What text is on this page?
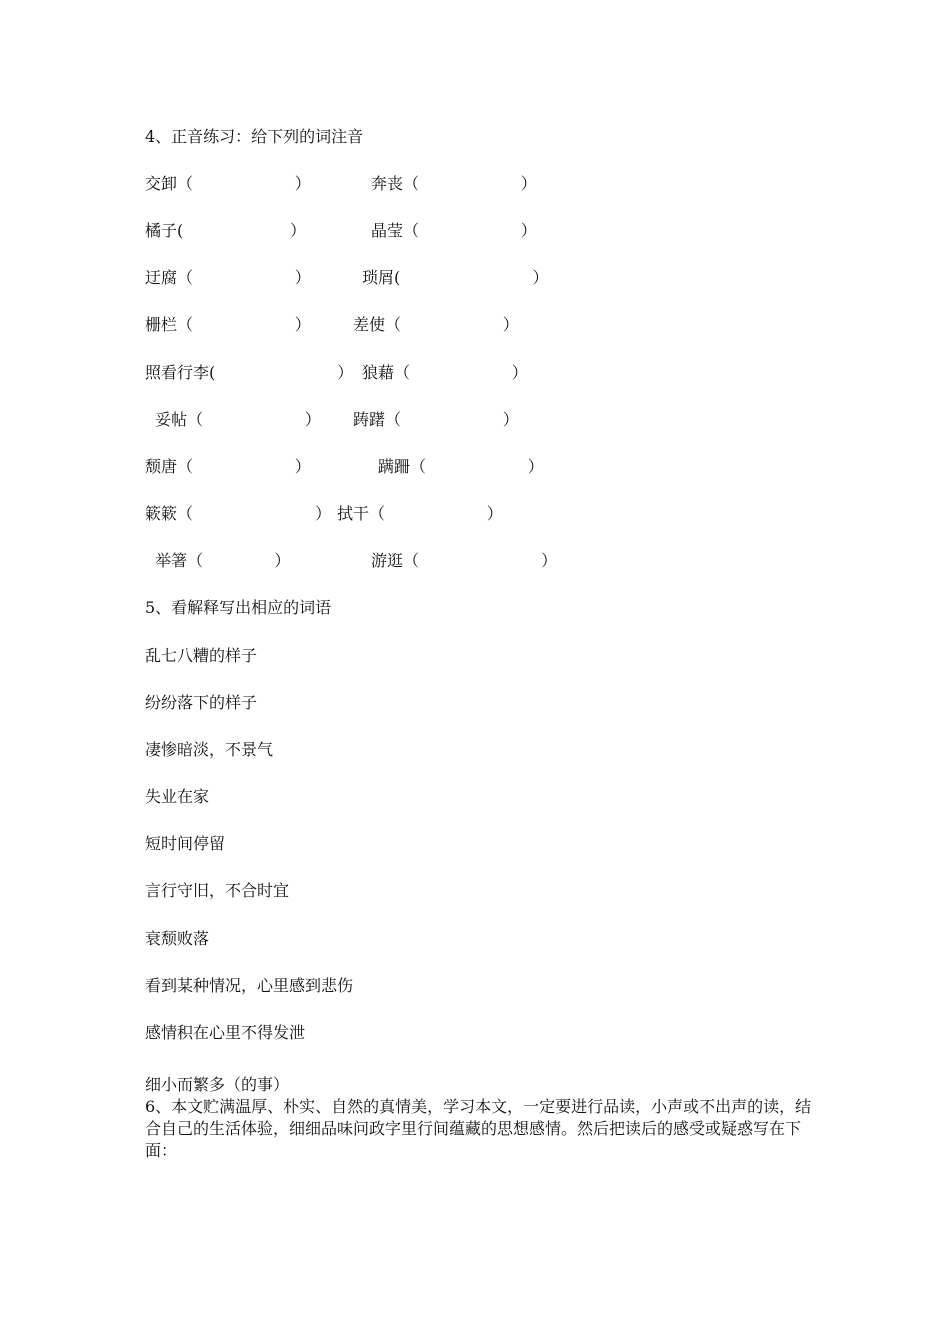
4、正音练习：给下列的词注音
交卸（                    ）	奔丧（                    ）
橘子(                     ）	晶莹（                    ）
迂腐（                    ）	琐屑(                          ）
栅栏（                    ）	差使（                    ）
照看行李(                        ） 狼藉（                    ）
妥帖（                    ） 踌躇（                    ）
颓唐（                    ）	蹒跚（                    ）
簌簌（                        ） 拭干（                    ）
举箸（              ）	游逛（                        ）
5、看解释写出相应的词语
乱七八糟的样子
纷纷落下的样子
凄惨暗淡，不景气
失业在家
短时间停留
言行守旧，不合时宜
衰颓败落
看到某种情况，心里感到悲伤
感情积在心里不得发泄
细小而繁多（的事）
6、本文贮满温厚、朴实、自然的真情美，学习本文，一定要进行品读，小声或不出声的读，结合自己的生活体验，细细品味问政字里行间蕴藏的思想感情。然后把读后的感受或疑惑写在下面：
